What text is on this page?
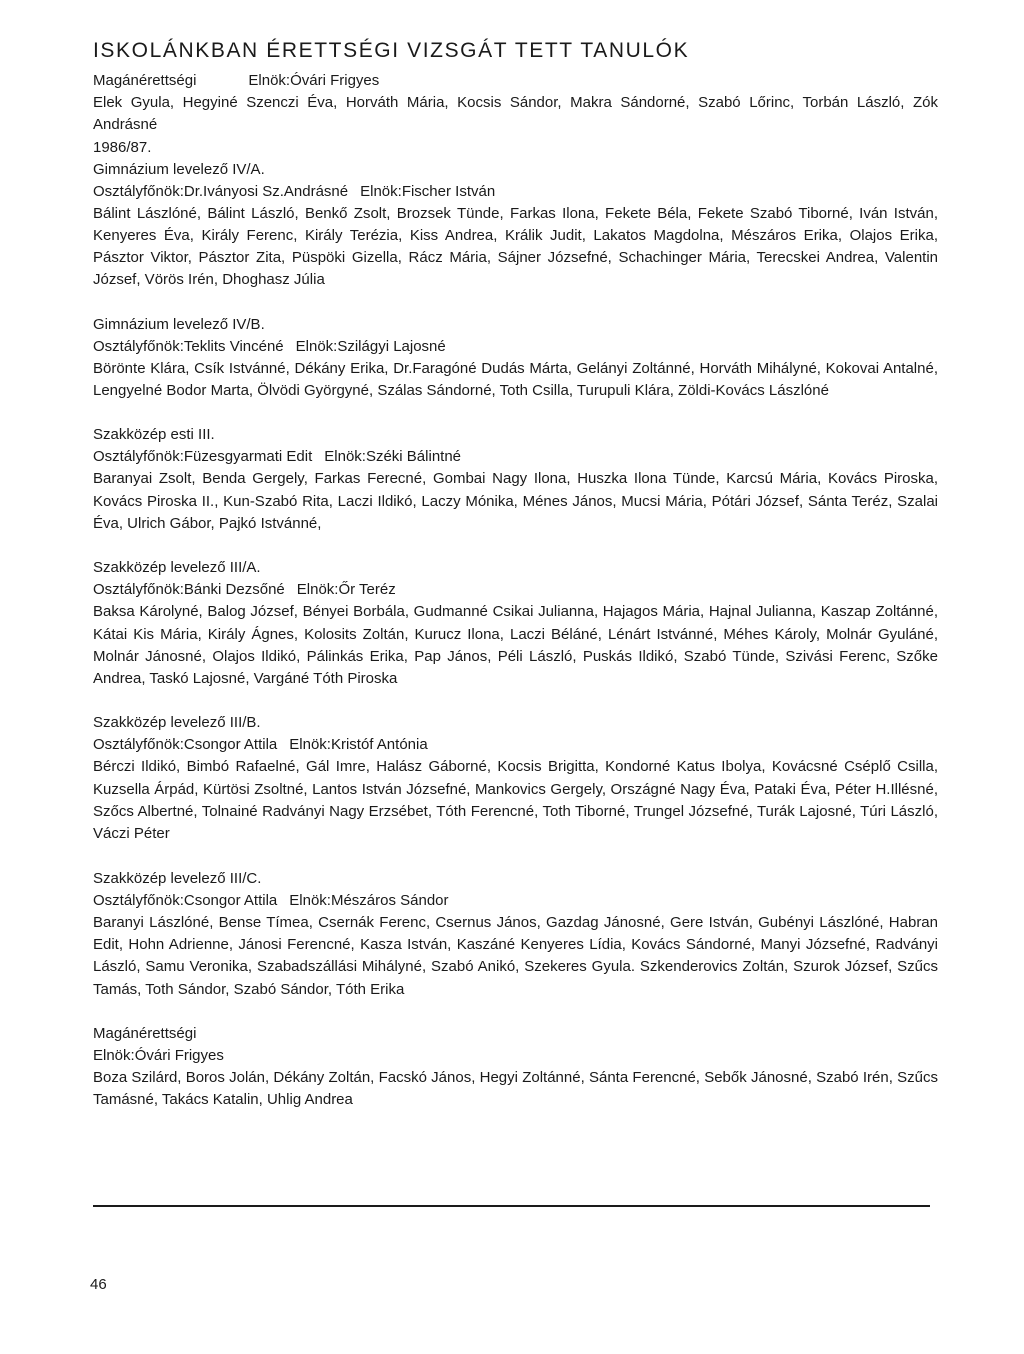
ISKOLÁNKBAN ÉRETTSÉGI VIZSGÁT TETT TANULÓK

Magánérettségi	Elnök:Óvári Frigyes

Elek Gyula, Hegyiné Szenczi Éva, Horváth Mária, Kocsis Sándor, Makra Sándorné, Szabó Lőrinc, Torbán László, Zók Andrásné

1986/87.

Gimnázium levelező IV/A.

Osztályfőnök:Dr.Iványosi Sz.Andrásné Elnök:Fischer István

Bálint Lászlóné, Bálint László, Benkő Zsolt, Brozsek Tünde, Farkas Ilona, Fekete Béla, Fekete Szabó Tiborné, Iván István, Kenyeres Éva, Király Ferenc, Király Terézia, Kiss Andrea, Králik Judit, Lakatos Magdolna, Mészáros Erika, Olajos Erika, Pásztor Viktor, Pásztor Zita, Püspöki Gizella, Rácz Mária, Sájner Józsefné, Schachinger Mária, Terecskei Andrea, Valentin József, Vörös Irén, Dhoghasz Júlia

Gimnázium levelező IV/B.

Osztályfőnök:Teklits Vincéné Elnök:Szilágyi Lajosné

Börönte Klára, Csík Istvánné, Dékány Erika, Dr.Faragóné Dudás Márta, Gelányi Zoltánné, Horváth Mihályné, Kokovai Antalné, Lengyelné Bodor Marta, Ölvödi Györgyné, Szálas Sándorné, Toth Csilla, Turupuli Klára, Zöldi-Kovács Lászlóné

Szakközép esti III.

Osztályfőnök:Füzesgyarmati Edit Elnök:Széki Bálintné

Baranyai Zsolt, Benda Gergely, Farkas Ferecné, Gombai Nagy Ilona, Huszka Ilona Tünde, Karcsú Mária, Kovács Piroska, Kovács Piroska II., Kun-Szabó Rita, Laczi Ildikó, Laczy Mónika, Ménes János, Mucsi Mária, Pótári József, Sánta Teréz, Szalai Éva, Ulrich Gábor, Pajkó Istvánné,

Szakközép levelező III/A.

Osztályfőnök:Bánki Dezsőné Elnök:Őr Teréz

Baksa Károlyné, Balog József, Bényei Borbála, Gudmanné Csikai Julianna, Hajagos Mária, Hajnal Julianna, Kaszap Zoltánné, Kátai Kis Mária, Király Ágnes, Kolosits Zoltán, Kurucz Ilona, Laczi Béláné, Lénárt Istvánné, Méhes Károly, Molnár Gyuláné, Molnár Jánosné, Olajos Ildikó, Pálinkás Erika, Pap János, Péli László, Puskás Ildikó, Szabó Tünde, Szivási Ferenc, Szőke Andrea, Taskó Lajosné, Vargáné Tóth Piroska

Szakközép levelező III/B.

Osztályfőnök:Csongor Attila Elnök:Kristóf Antónia

Bérczi Ildikó, Bimbó Rafaelné, Gál Imre, Halász Gáborné, Kocsis Brigitta, Kondorné Katus Ibolya, Kovácsné Cséplő Csilla, Kuzsella Árpád, Kürtösi Zsoltné, Lantos István Józsefné, Mankovics Gergely, Országné Nagy Éva, Pataki Éva, Péter H.Illésné, Szőcs Albertné, Tolnainé Radványi Nagy Erzsébet, Tóth Ferencné, Toth Tiborné, Trungel Józsefné, Turák Lajosné, Túri László, Váczi Péter

Szakközép levelező III/C.

Osztályfőnök:Csongor Attila Elnök:Mészáros Sándor

Baranyi Lászlóné, Bense Tímea, Csernák Ferenc, Csernus János, Gazdag Jánosné, Gere István, Gubényi Lászlóné, Habran Edit, Hohn Adrienne, Jánosi Ferencné, Kasza István, Kaszáné Kenyeres Lídia, Kovács Sándorné, Manyi Józsefné, Radványi László, Samu Veronika, Szabadszállási Mihályné, Szabó Anikó, Szekeres Gyula. Szkenderovics Zoltán, Szurok József, Szűcs Tamás, Toth Sándor, Szabó Sándor, Tóth Erika

Magánérettségi

Elnök:Óvári Frigyes

Boza Szilárd, Boros Jolán, Dékány Zoltán, Facskó János, Hegyi Zoltánné, Sánta Ferencné, Sebők Jánosné, Szabó Irén, Szűcs Tamásné, Takács Katalin, Uhlig Andrea

46
